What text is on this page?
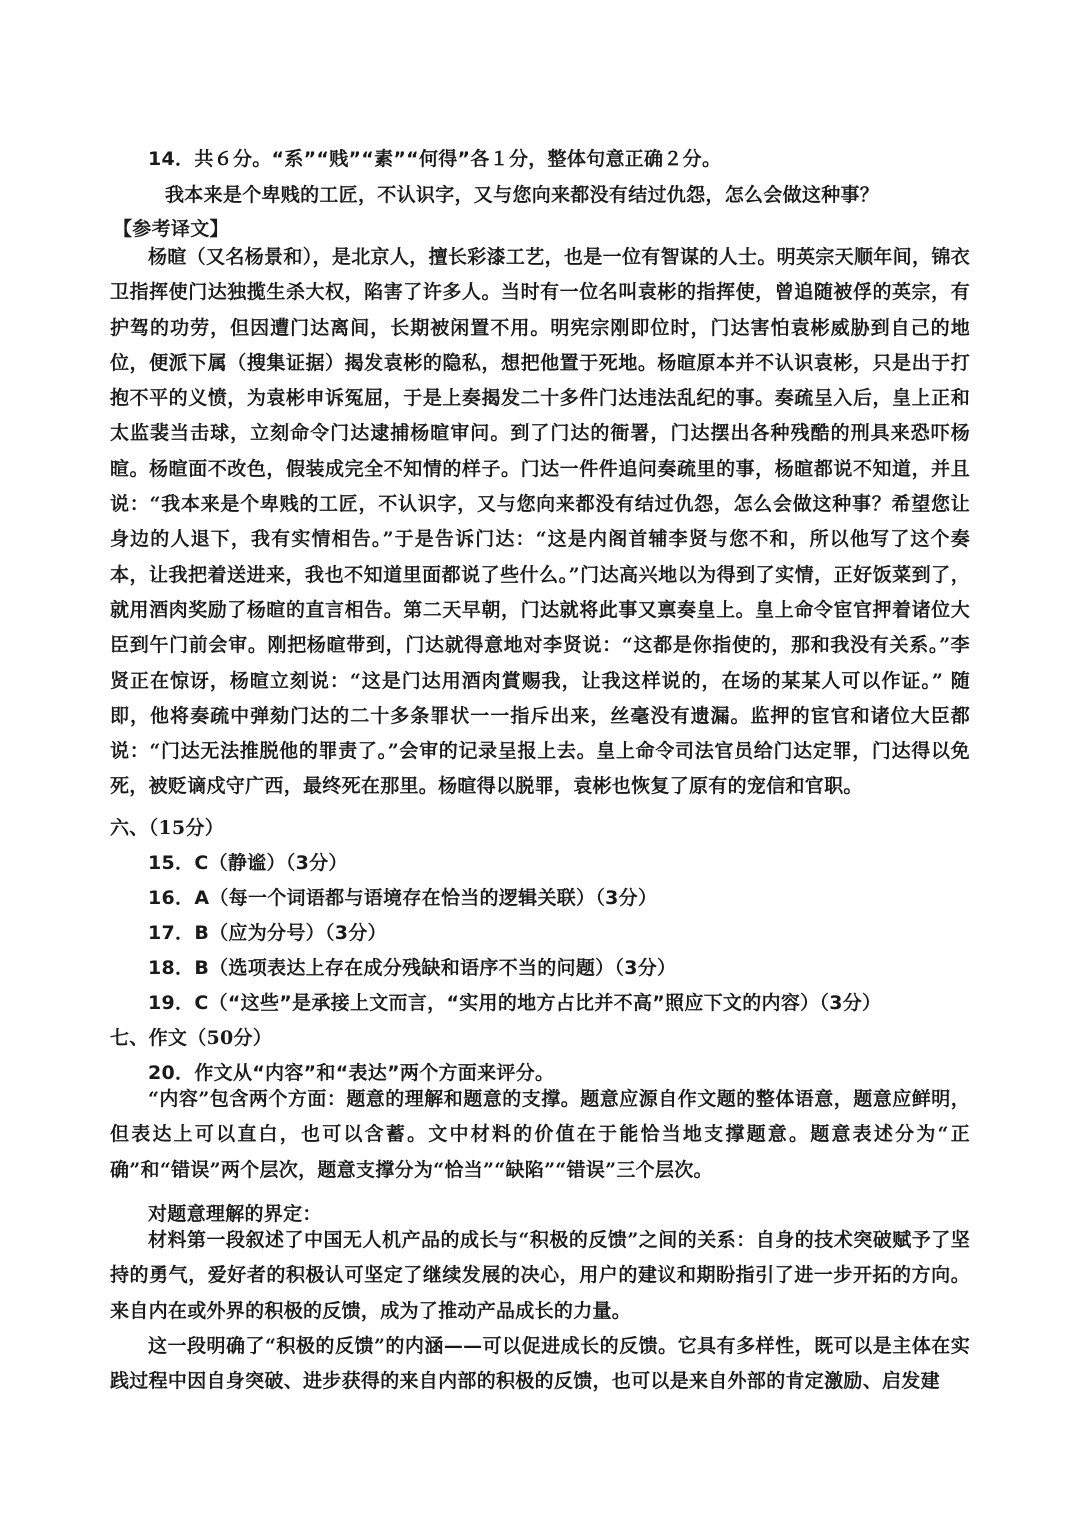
14．共６分。“系”“贱”“素”“何得”各１分，整体句意正确２分。
我本来是个卑贱的工匠，不认识字，又与您向来都没有结过仇怨，怎么会做这种事？
【参考译文】

杨暄（又名杨景和），是北京人，擅长彩漆工艺，也是一位有智谋的人士。明英宗天顺年间，锦衣卫指挥使门达独揽生杀大权，陷害了许多人。当时有一位名叫袁彬的指挥使，曾追随被俘的英宗，有护驾的功劳，但因遭门达离间，长期被闲置不用。明宪宗刚即位时，门达害怕袁彬威胁到自己的地位，便派下属（搜集证据）揭发袁彬的隐私，想把他置于死地。杨暄原本并不认识袁彬，只是出于打抱不平的义愤，为袁彬申诉冤屈，于是上奏揭发二十多件门达违法乱纪的事。奏疏呈入后，皇上正和太监裴当击球，立刻命令门达逮捕杨暄审问。到了门达的衙署，门达摆出各种残酷的刑具来恐吓杨暄。杨暄面不改色，假装成完全不知情的样子。门达一件件追问奏疏里的事，杨暄都说不知道，并且说：“我本来是个卑贱的工匠，不认识字，又与您向来都没有结过仇怨，怎么会做这种事？希望您让身边的人退下，我有实情相告。”于是告诉门达：“这是内阁首辅李贤与您不和，所以他写了这个奏本，让我把着送进来，我也不知道里面都说了些什么。”门达高兴地以为得到了实情，正好饭菜到了，就用酒肉奖励了杨暄的直言相告。第二天早朝，门达就将此事又禀奏皇上。皇上命令宦官押着诸位大臣到午门前会审。刚把杨暄带到，门达就得意地对李贤说：“这都是你指使的，那和我没有关系。”李贤正在惊讶，杨暄立刻说：“这是门达用酒肉賞赐我，让我这样说的，在场的某某人可以作证。” 随即，他将奏疏中弹劾门达的二十多条罪状一一指斥出来，丝毫没有遗漏。监押的宦官和诸位大臣都说：“门达无法推脱他的罪责了。”会审的记录呈报上去。皇上命令司法官员给门达定罪，门达得以免死，被贬谪戍守广西，最终死在那里。杨暄得以脱罪，袁彬也恢复了原有的宠信和官职。

六、（15分）
15．C（静谧）（3分）
16．A（每一个词语都与语境存在恰当的逻辑关联）（3分）
17．B（应为分号）（3分）
18．B（选项表达上存在成分残缺和语序不当的问题）（3分）
19．C（“这些”是承接上文而言，“实用的地方占比并不高”照应下文的内容）（3分）
七、作文（50分）
20．作文从“内容”和“表达”两个方面来评分。

“内容”包含两个方面：题意的理解和题意的支撑。题意应源自作文题的整体语意，题意应鲜明，但表达上可以直白，也可以含蓄。文中材料的价值在于能恰当地支撑题意。题意表述分为“正确”和“错误”两个层次，题意支撑分为“恰当”“缺陷”“错误”三个层次。

对题意理解的界定：

材料第一段叙述了中国无人机产品的成长与“积极的反馈”之间的关系：自身的技术突破赋予了坚持的勇气，爱好者的积极认可坚定了继续发展的决心，用户的建议和期盼指引了进一步开拓的方向。来自内在或外界的积极的反馈，成为了推动产品成长的力量。

这一段明确了“积极的反馈”的内涵——可以促进成长的反馈。它具有多样性，既可以是主体在实践过程中因自身突破、进步获得的来自内部的积极的反馈，也可以是来自外部的肯定激励、启发建
